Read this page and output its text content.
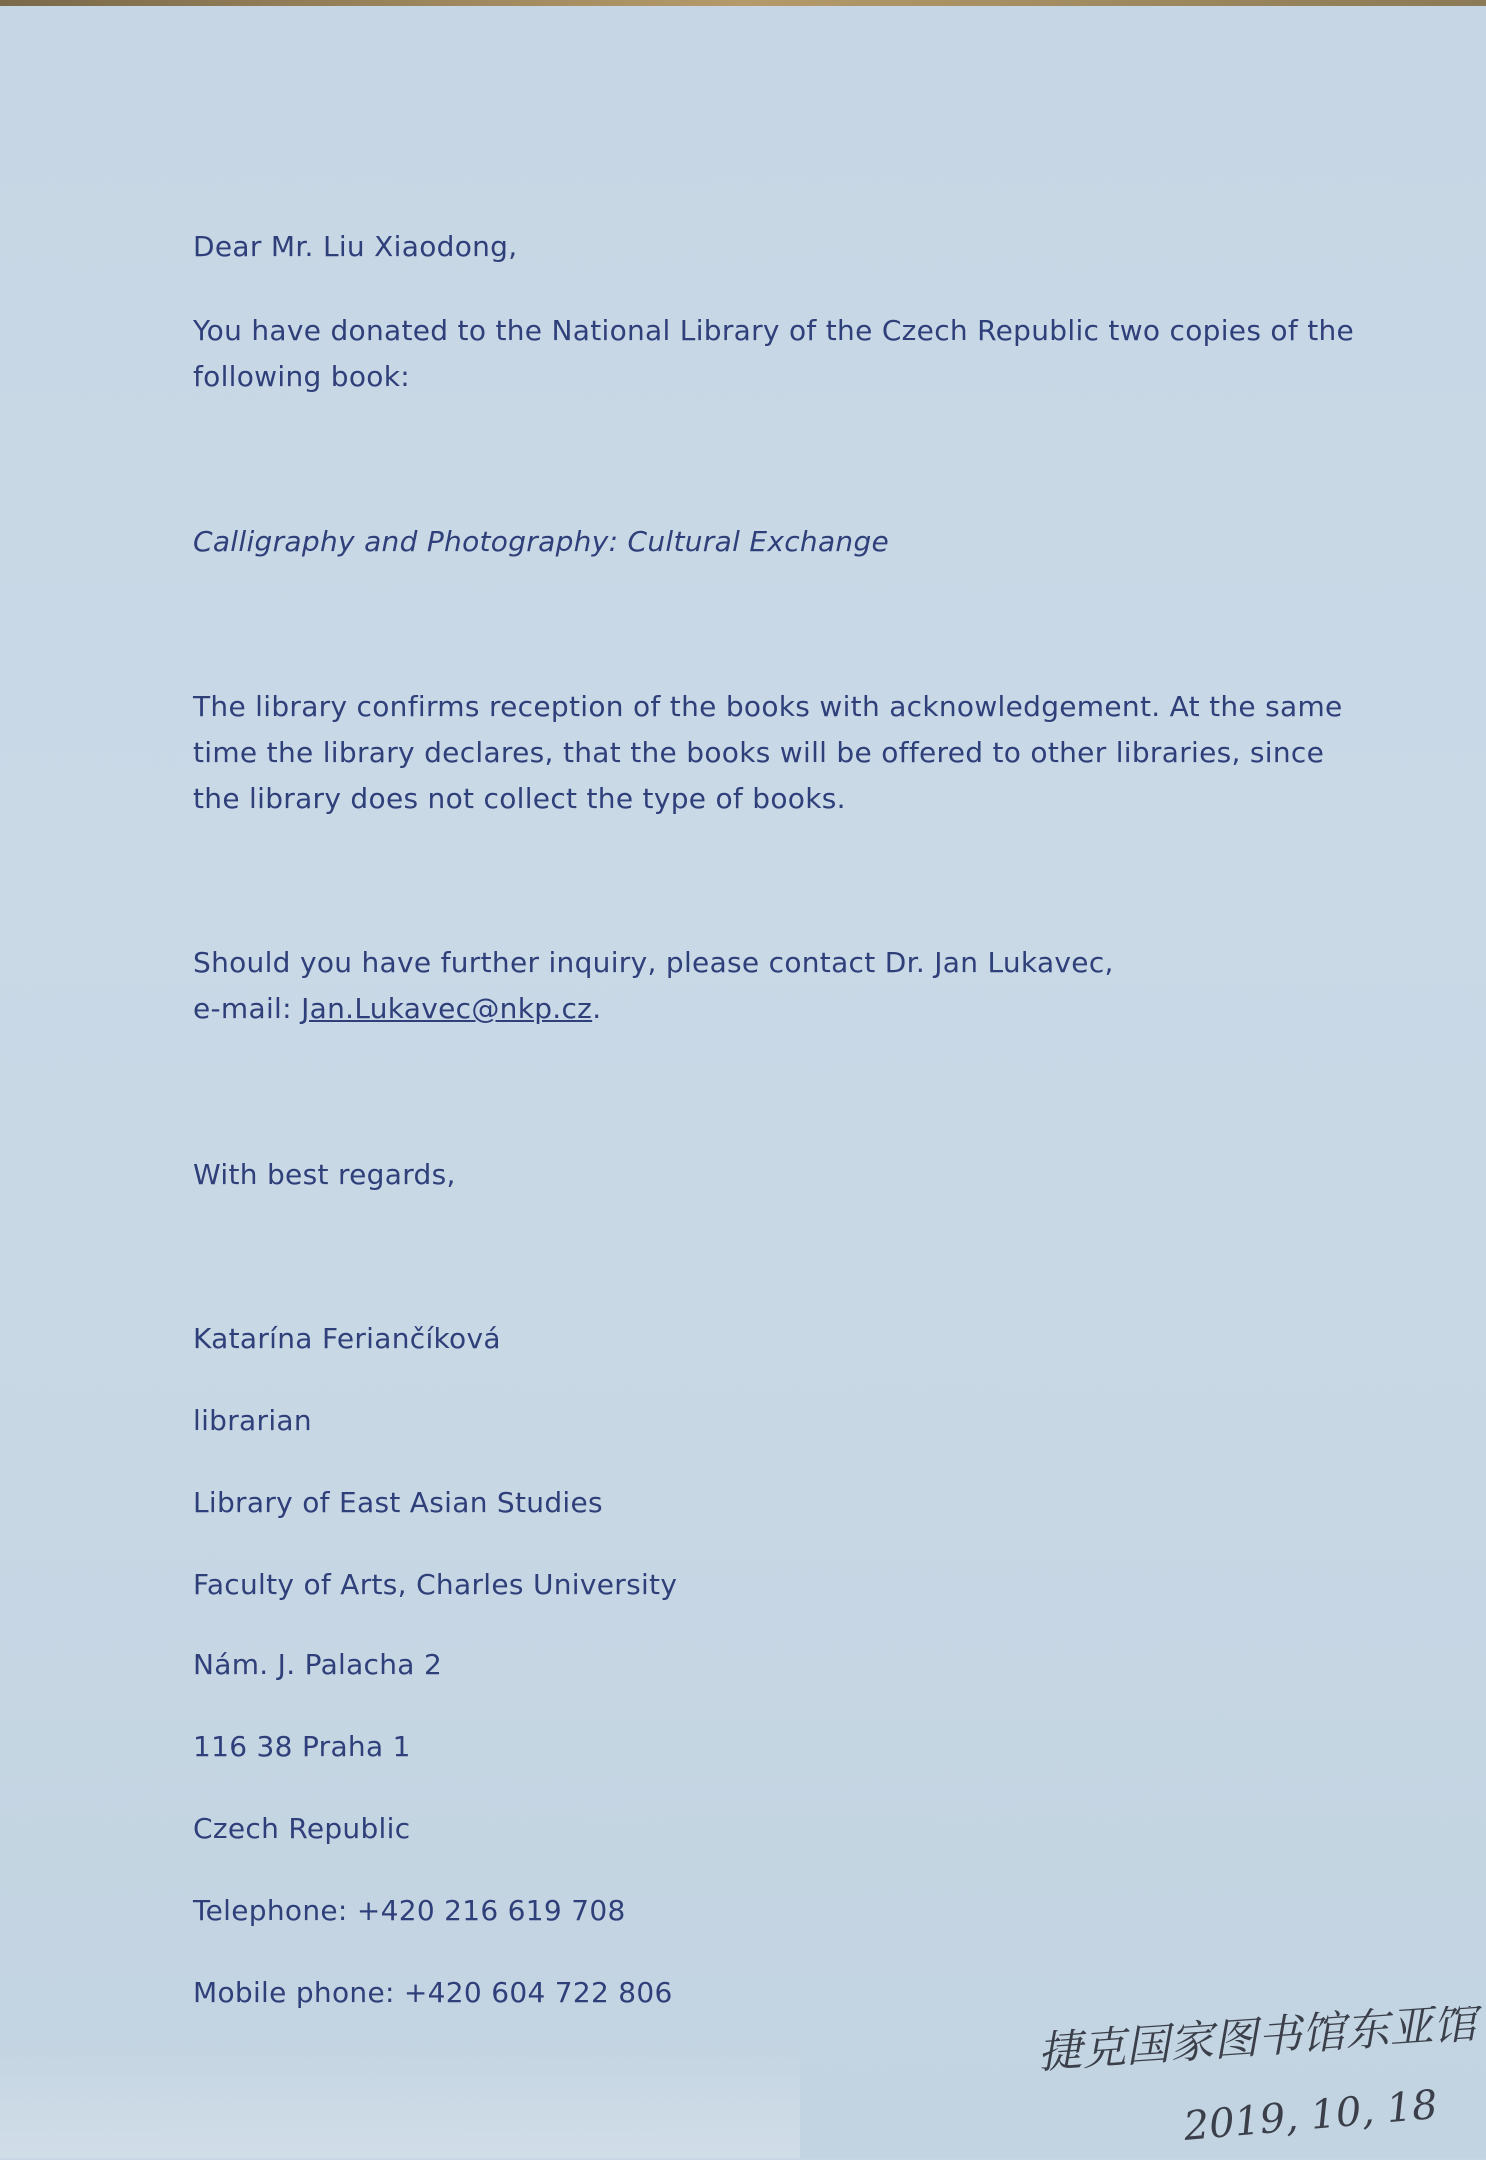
Dear Mr. Liu Xiaodong,
You have donated to the National Library of the Czech Republic two copies of the
following book:
Calligraphy and Photography: Cultural Exchange
The library confirms reception of the books with acknowledgement. At the same
time the library declares, that the books will be offered to other libraries, since
the library does not collect the type of books.
Should you have further inquiry, please contact Dr. Jan Lukavec,
e-mail: Jan.Lukavec@nkp.cz.
With best regards,
Katarína Feriančíková
librarian
Library of East Asian Studies
Faculty of Arts, Charles University
Nám. J. Palacha 2
116 38 Praha 1
Czech Republic
Telephone: +420 216 619 708
Mobile phone: +420 604 722 806
捷克国家图书馆东亚馆
2019, 10, 18
